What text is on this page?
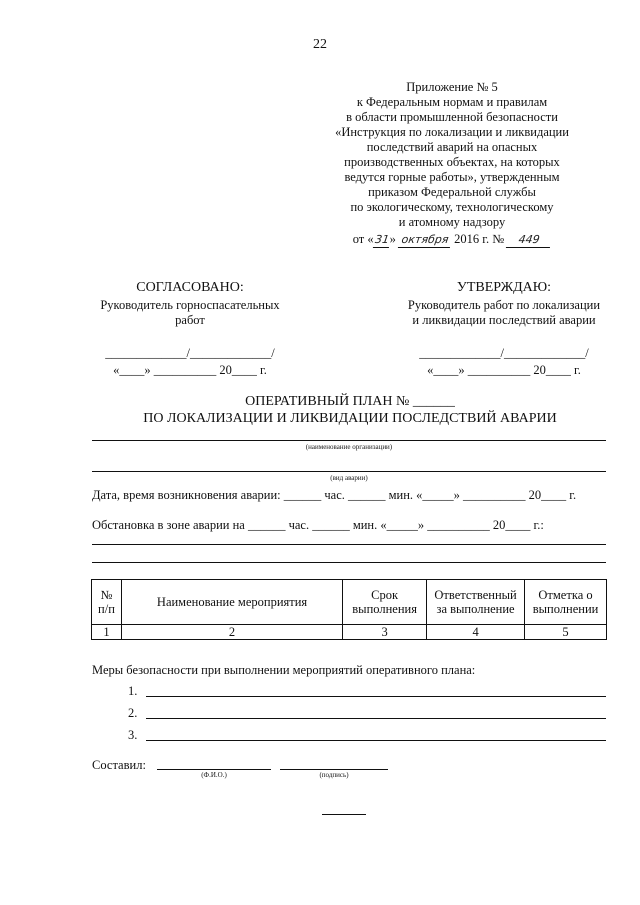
22
Приложение № 5
к Федеральным нормам и правилам
в области промышленной безопасности
«Инструкция по локализации и ликвидации
последствий аварий на опасных
производственных объектах, на которых
ведутся горные работы», утвержденным
приказом Федеральной службы
по экологическому, технологическому
и атомному надзору
от «31» октября 2016 г. № 449
СОГЛАСОВАНО:
Руководитель горноспасательных
работ
_____________/_____________/
«____» __________ 20____ г.
УТВЕРЖДАЮ:
Руководитель работ по локализации
и ликвидации последствий аварии
_____________/_____________/
«____» __________ 20____ г.
ОПЕРАТИВНЫЙ ПЛАН № ______
ПО ЛОКАЛИЗАЦИИ И ЛИКВИДАЦИИ ПОСЛЕДСТВИЙ АВАРИИ
(наименование организации)
(вид аварии)
Дата, время возникновения аварии: ______ час. ______ мин. «_____» __________ 20____ г.
Обстановка в зоне аварии на ______ час. ______ мин. «_____» __________ 20____ г.:
№ п/п	Наименование мероприятия	Срок выполнения	Ответственный за выполнение	Отметка о выполнении
1	2	3	4	5
Меры безопасности при выполнении мероприятий оперативного плана:
1.
2.
3.
Составил:
(Ф.И.О.)	(подпись)
